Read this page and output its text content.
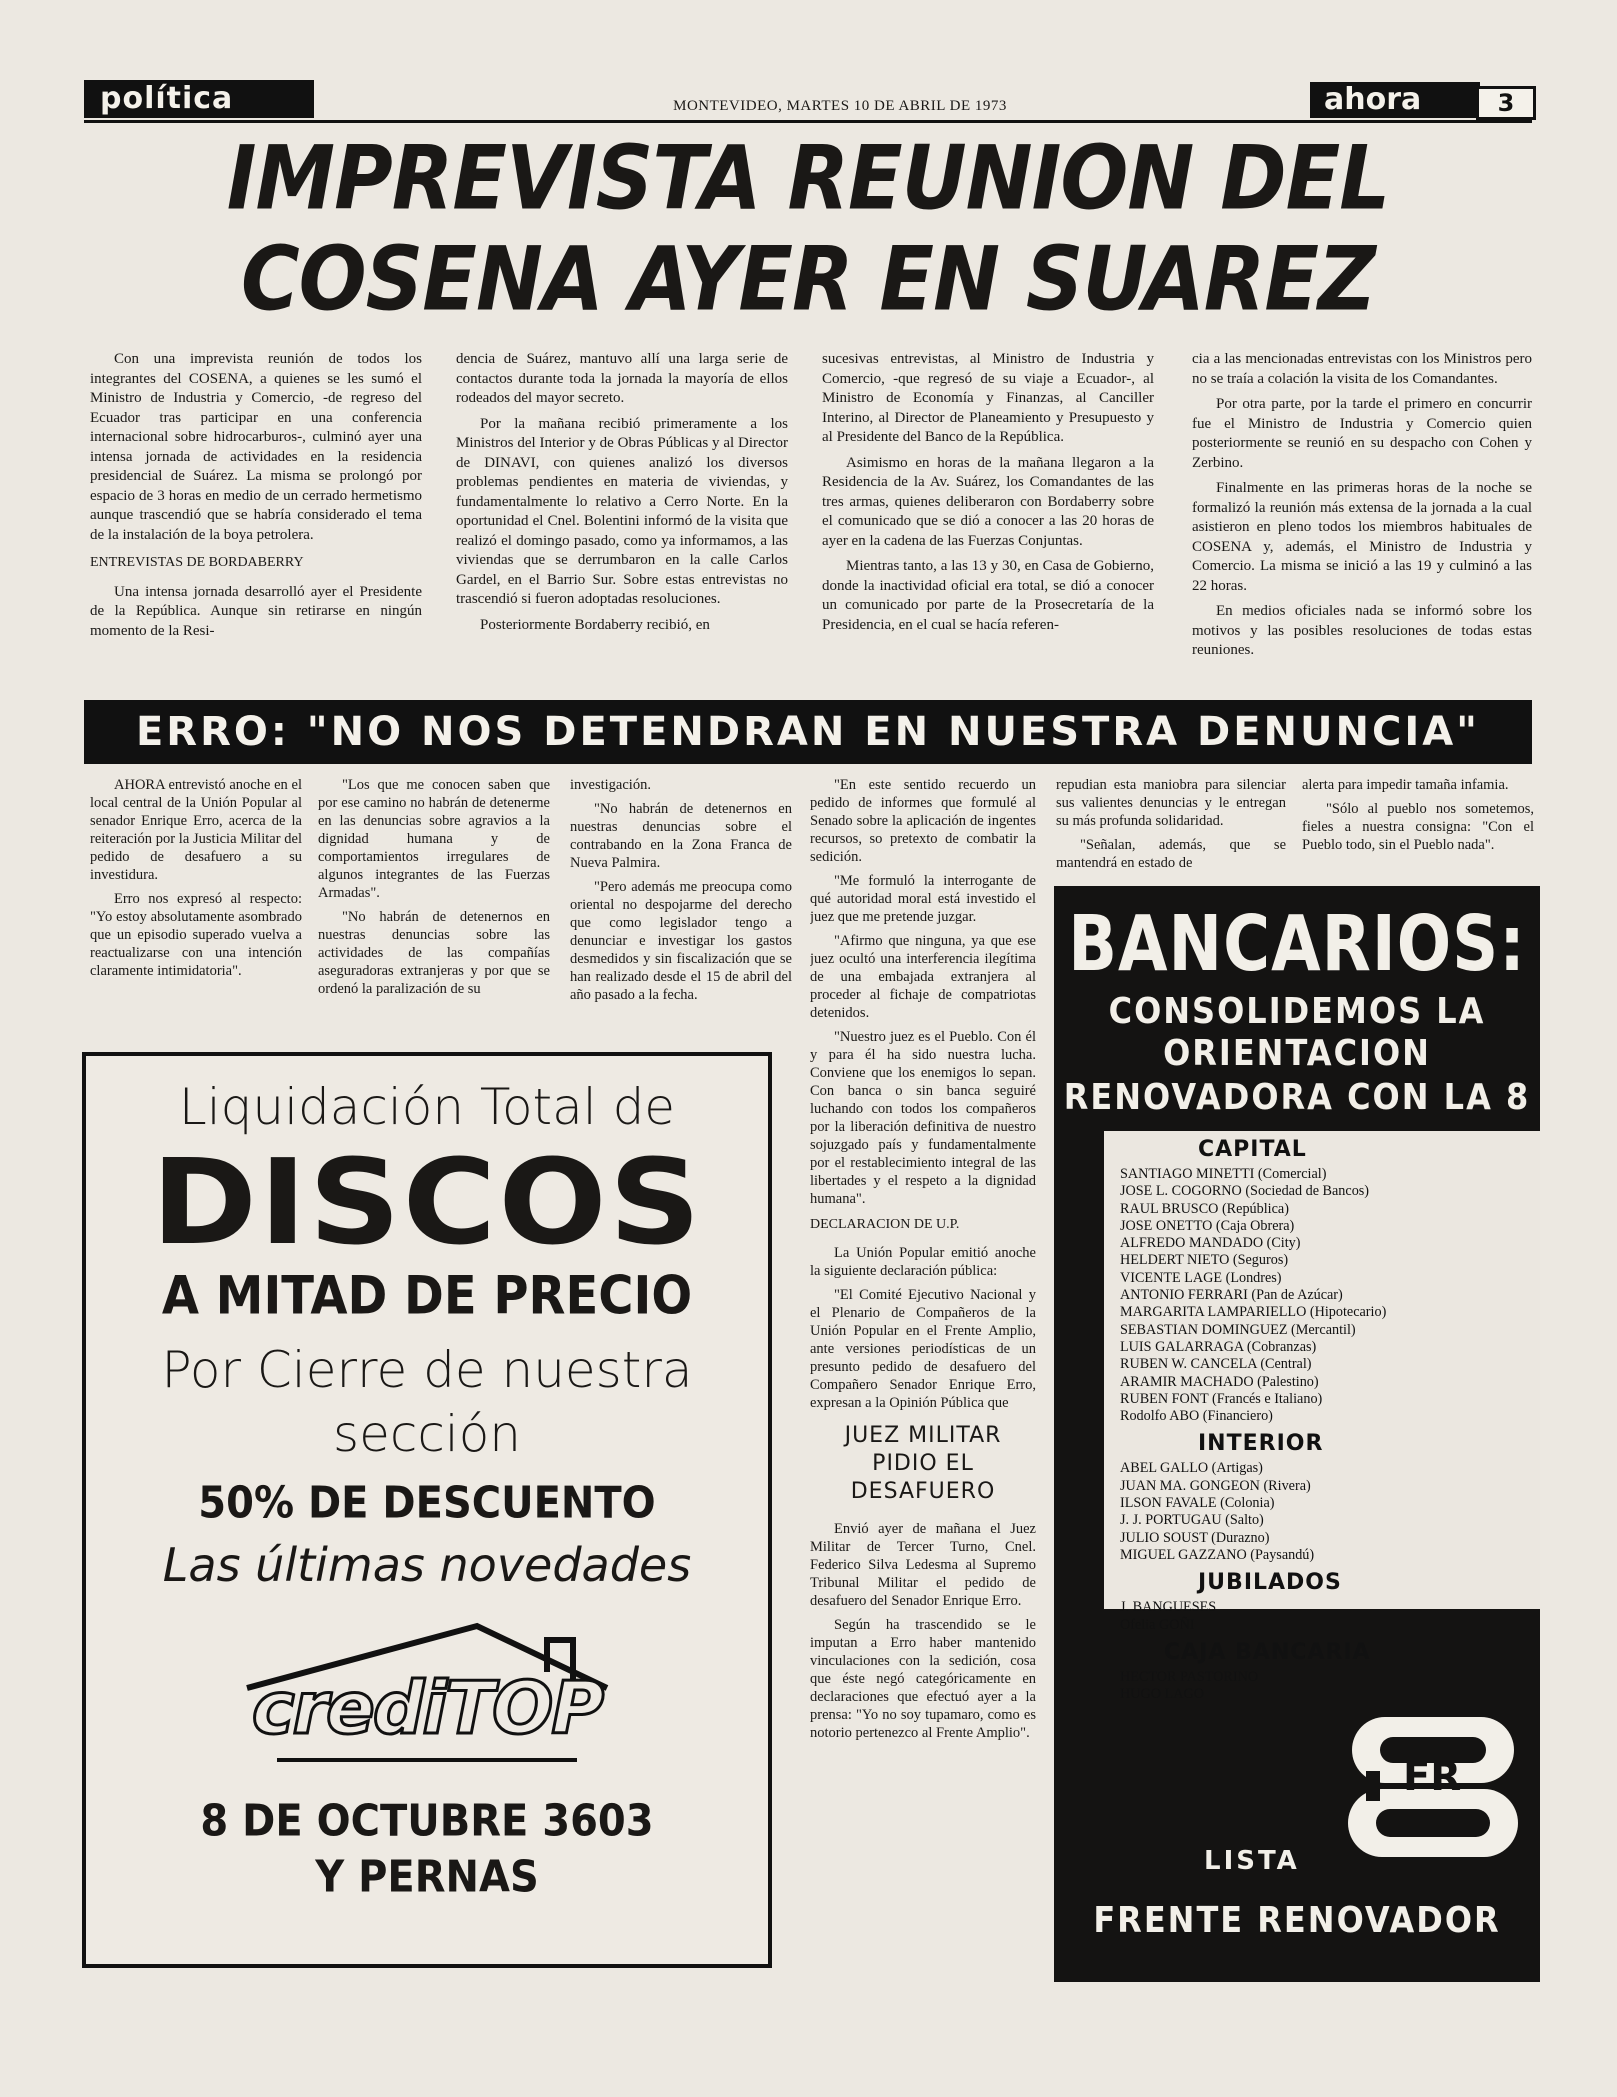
política	MONTEVIDEO, MARTES 10 DE ABRIL DE 1973	ahora	3
IMPREVISTA REUNION DEL
COSENA AYER EN SUAREZ

Con una imprevista reunión de todos los integrantes del COSENA, a quienes se les sumó el Ministro de Industria y Comercio, -de regreso del Ecuador tras participar en una conferencia internacional sobre hidrocarburos-, culminó ayer una intensa jornada de actividades en la residencia presidencial de Suárez. La misma se prolongó por espacio de 3 horas en medio de un cerrado hermetismo aunque trascendió que se habría considerado el tema de la instalación de la boya petrolera.

ENTREVISTAS DE BORDABERRY

Una intensa jornada desarrolló ayer el Presidente de la República. Aunque sin retirarse en ningún momento de la Resi-

dencia de Suárez, mantuvo allí una larga serie de contactos durante toda la jornada la mayoría de ellos rodeados del mayor secreto.

Por la mañana recibió primeramente a los Ministros del Interior y de Obras Públicas y al Director de DINAVI, con quienes analizó los diversos problemas pendientes en materia de viviendas, y fundamentalmente lo relativo a Cerro Norte. En la oportunidad el Cnel. Bolentini informó de la visita que realizó el domingo pasado, como ya informamos, a las viviendas que se derrumbaron en la calle Carlos Gardel, en el Barrio Sur. Sobre estas entrevistas no trascendió si fueron adoptadas resoluciones.

Posteriormente Bordaberry recibió, en

sucesivas entrevistas, al Ministro de Industria y Comercio, -que regresó de su viaje a Ecuador-, al Ministro de Economía y Finanzas, al Canciller Interino, al Director de Planeamiento y Presupuesto y al Presidente del Banco de la República.

Asimismo en horas de la mañana llegaron a la Residencia de la Av. Suárez, los Comandantes de las tres armas, quienes deliberaron con Bordaberry sobre el comunicado que se dió a conocer a las 20 horas de ayer en la cadena de las Fuerzas Conjuntas.

Mientras tanto, a las 13 y 30, en Casa de Gobierno, donde la inactividad oficial era total, se dió a conocer un comunicado por parte de la Prosecretaría de la Presidencia, en el cual se hacía referen-

cia a las mencionadas entrevistas con los Ministros pero no se traía a colación la visita de los Comandantes.

Por otra parte, por la tarde el primero en concurrir fue el Ministro de Industria y Comercio quien posteriormente se reunió en su despacho con Cohen y Zerbino.

Finalmente en las primeras horas de la noche se formalizó la reunión más extensa de la jornada a la cual asistieron en pleno todos los miembros habituales de COSENA y, además, el Ministro de Industria y Comercio. La misma se inició a las 19 y culminó a las 22 horas.

En medios oficiales nada se informó sobre los motivos y las posibles resoluciones de todas estas reuniones.

ERRO: "NO NOS DETENDRAN EN NUESTRA DENUNCIA"

AHORA entrevistó anoche en el local central de la Unión Popular al senador Enrique Erro, acerca de la reiteración por la Justicia Militar del pedido de desafuero a su investidura.

Erro nos expresó al respecto: "Yo estoy absolutamente asombrado que un episodio superado vuelva a reactualizarse con una intención claramente intimidatoria".

"Los que me conocen saben que por ese camino no habrán de detenerme en las denuncias sobre agravios a la dignidad humana y de comportamientos irregulares de algunos integrantes de las Fuerzas Armadas".

"No habrán de detenernos en nuestras denuncias sobre las actividades de las compañías aseguradoras extranjeras y por que se ordenó la paralización de su

investigación.

"No habrán de detenernos en nuestras denuncias sobre el contrabando en la Zona Franca de Nueva Palmira.

"Pero además me preocupa como oriental no despojarme del derecho que como legislador tengo a denunciar e investigar los gastos desmedidos y sin fiscalización que se han realizado desde el 15 de abril del año pasado a la fecha.

"En este sentido recuerdo un pedido de informes que formulé al Senado sobre la aplicación de ingentes recursos, so pretexto de combatir la sedición.

"Me formuló la interrogante de qué autoridad moral está investido el juez que me pretende juzgar.

"Afirmo que ninguna, ya que ese juez ocultó una interferencia ilegítima de una embajada extranjera al proceder al fichaje de compatriotas detenidos.

"Nuestro juez es el Pueblo. Con él y para él ha sido nuestra lucha. Conviene que los enemigos lo sepan. Con banca o sin banca seguiré luchando con todos los compañeros por la liberación definitiva de nuestro sojuzgado país y fundamentalmente por el restablecimiento integral de las libertades y el respeto a la dignidad humana".

DECLARACION DE U.P.

La Unión Popular emitió anoche la siguiente declaración pública:

"El Comité Ejecutivo Nacional y el Plenario de Compañeros de la Unión Popular en el Frente Amplio, ante versiones periodísticas de un presunto pedido de desafuero del Compañero Senador Enrique Erro, expresan a la Opinión Pública que

JUEZ MILITAR
PIDIO EL
DESAFUERO

Envió ayer de mañana el Juez Militar de Tercer Turno, Cnel. Federico Silva Ledesma al Supremo Tribunal Militar el pedido de desafuero del Senador Enrique Erro.

Según ha trascendido se le imputan a Erro haber mantenido vinculaciones con la sedición, cosa que éste negó categóricamente en declaraciones que efectuó ayer a la prensa: "Yo no soy tupamaro, como es notorio pertenezco al Frente Amplio".

repudian esta maniobra para silenciar sus valientes denuncias y le entregan su más profunda solidaridad.

"Señalan, además, que se mantendrá en estado de

alerta para impedir tamaña infamia.

"Sólo al pueblo nos sometemos, fieles a nuestra consigna: "Con el Pueblo todo, sin el Pueblo nada".

Liquidación Total de
DISCOS
A MITAD DE PRECIO
Por Cierre de nuestra
sección
50% DE DESCUENTO
Las últimas novedades
crediTOP
8 DE OCTUBRE 3603
Y PERNAS
BANCARIOS:
CONSOLIDEMOS LA
ORIENTACION
RENOVADORA CON LA 8
CAPITAL
SANTIAGO MINETTI (Comercial)
JOSE L. COGORNO (Sociedad de Bancos)
RAUL BRUSCO (República)
JOSE ONETTO (Caja Obrera)
ALFREDO MANDADO (City)
HELDERT NIETO (Seguros)
VICENTE LAGE (Londres)
ANTONIO FERRARI (Pan de Azúcar)
MARGARITA LAMPARIELLO (Hipotecario)
SEBASTIAN DOMINGUEZ (Mercantil)
LUIS GALARRAGA (Cobranzas)
RUBEN W. CANCELA (Central)
ARAMIR MACHADO (Palestino)
RUBEN FONT (Francés e Italiano)
Rodolfo ABO (Financiero)
INTERIOR
ABEL GALLO (Artigas)
JUAN MA. GONGEON (Rivera)
ILSON FAVALE (Colonia)
J. J. PORTUGAU (Salto)
JULIO SOUST (Durazno)
MIGUEL GAZZANO (Paysandú)
JUBILADOS
J. BANGUESES
Ofelia GOÑI
CAJA BANCARIA
HECTOR PASTORINO
HUGO LAGO
LISTA
FR
FRENTE RENOVADOR
